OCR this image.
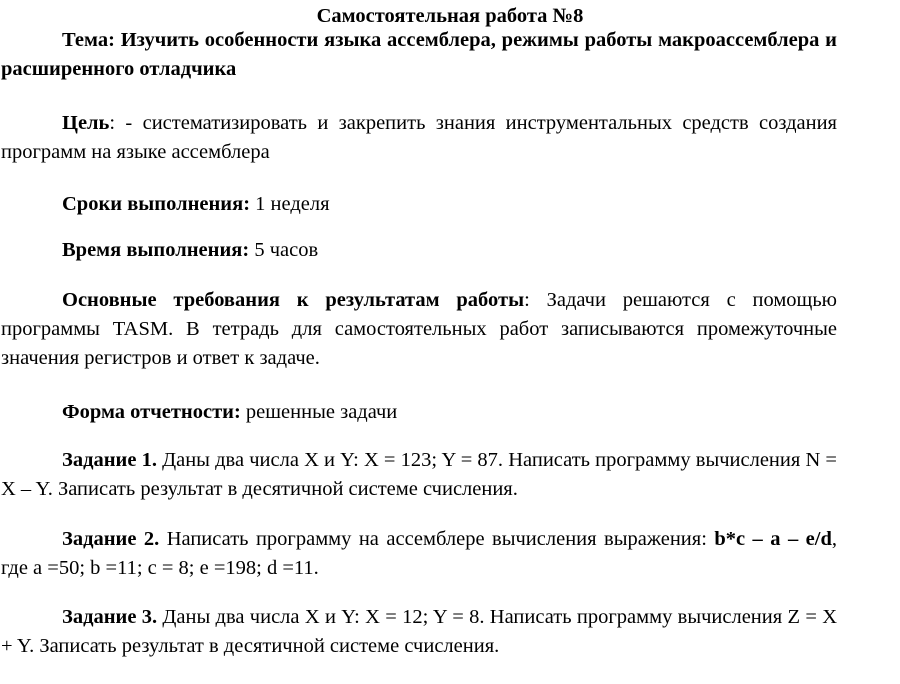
Самостоятельная работа №8

Тема: Изучить особенности языка ассемблера, режимы работы макроассемблера и расширенного отладчика

Цель: - систематизировать и закрепить знания инструментальных средств создания программ на языке ассемблера

Сроки выполнения: 1 неделя

Время выполнения: 5 часов

Основные требования к результатам работы: Задачи решаются с помощью программы TASM. В тетрадь для самостоятельных работ записываются промежуточные значения регистров и ответ к задаче.

Форма отчетности: решенные задачи

Задание 1. Даны два числа X и Y: X = 123; Y = 87. Написать программу вычисления N = X – Y. Записать результат в десятичной системе счисления.

Задание 2. Написать программу на ассемблере вычисления выражения: b*c – a – e/d, где a =50; b =11; c = 8; e =198; d =11.

Задание 3. Даны два числа X и Y: X = 12; Y = 8. Написать программу вычисления Z = X + Y. Записать результат в десятичной системе счисления.
